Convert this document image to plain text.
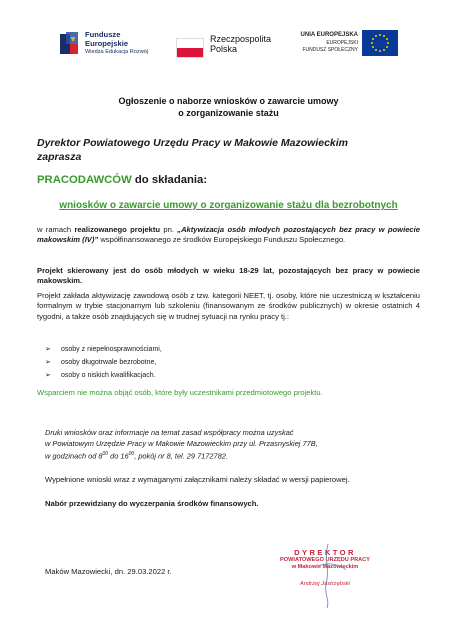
Fundusze
Europejskie
Wiedza Edukacja Rozwój
Rzeczpospolita
Polska
UNIA EUROPEJSKA
EUROPEJSKI
FUNDUSZ SPOŁECZNY
Ogłoszenie o naborze wniosków o zawarcie umowy
o zorganizowanie stażu
Dyrektor Powiatowego Urzędu Pracy w Makowie Mazowieckim
zaprasza
PRACODAWCÓW do składania:
wniosków o zawarcie umowy o zorganizowanie stażu dla bezrobotnych
w ramach realizowanego projektu pn. „Aktywizacja osób młodych pozostających bez pracy w powiecie makowskim (IV)” współfinansowanego ze środków Europejskiego Funduszu Społecznego.
Projekt skierowany jest do osób młodych w wieku 18-29 lat, pozostających bez pracy w powiecie makowskim.
Projekt zakłada aktywizację zawodową osób z tzw. kategorii NEET, tj. osoby, które nie uczestniczą w kształceniu formalnym w trybie stacjonarnym lub szkoleniu (finansowanym ze środków publicznych) w okresie ostatnich 4 tygodni, a także osób znajdujących się w trudnej sytuacji na rynku pracy tj.:
➢ osoby z niepełnosprawnościami,
➢ osoby długotrwale bezrobotne,
➢ osoby o niskich kwalifikacjach.
Wsparciem nie można objąć osób, które były uczestnikami przedmiotowego projektu.
Druki wniosków oraz informacje na temat zasad współpracy można uzyskać
w Powiatowym Urzędzie Pracy w Makowie Mazowieckim przy ul. Przasnyskiej 77B,
w godzinach od $8^{00}$ do $16^{00}$, pokój nr 8, tel. 29 7172782.
Wypełnione wnioski wraz z wymaganymi załącznikami należy składać w wersji papierowej.
Nabór przewidziany do wyczerpania środków finansowych.
Maków Mazowiecki, dn. 29.03.2022 r.
DYREKTOR
POWIATOWEGO URZĘDU PRACY
w Makowie Mazowieckim
Andrzej Jastrzębski
